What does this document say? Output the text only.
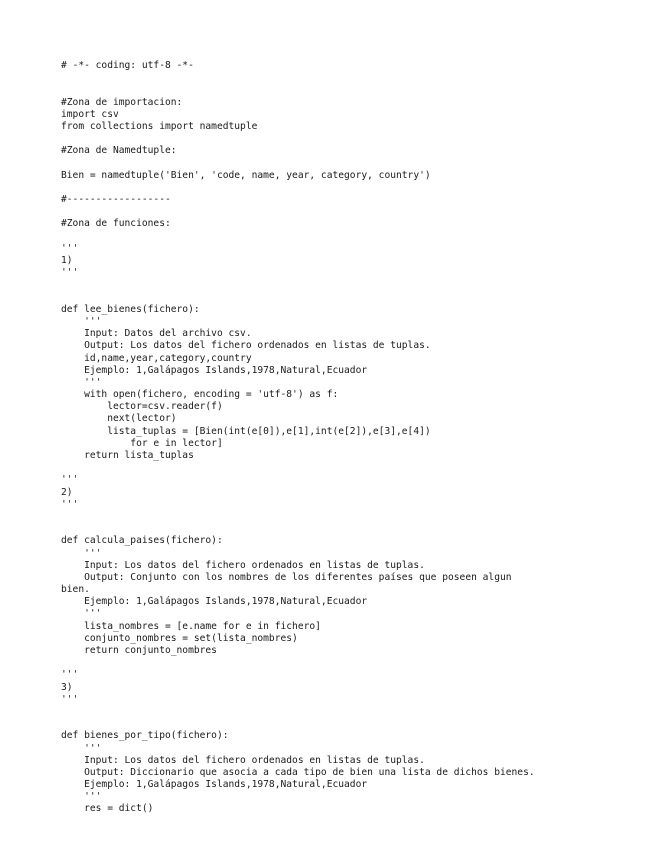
# -*- coding: utf-8 -*-

#Zona de importacion:
import csv
from collections import namedtuple

#Zona de Namedtuple:

Bien = namedtuple('Bien', 'code, name, year, category, country')

#------------------

#Zona de funciones:

'''
1)
'''

def lee_bienes(fichero):
'''
Input: Datos del archivo csv.
Output: Los datos del fichero ordenados en listas de tuplas.
id,name,year,category,country
Ejemplo: 1,Galápagos Islands,1978,Natural,Ecuador
'''
with open(fichero, encoding = 'utf-8') as f:
lector=csv.reader(f)
next(lector)
lista_tuplas = [Bien(int(e[0]),e[1],int(e[2]),e[3],e[4])
for e in lector]
return lista_tuplas

'''
2)
'''

def calcula_paises(fichero):
'''
Input: Los datos del fichero ordenados en listas de tuplas.
Output: Conjunto con los nombres de los diferentes países que poseen algun
bien.
Ejemplo: 1,Galápagos Islands,1978,Natural,Ecuador
'''
lista_nombres = [e.name for e in fichero]
conjunto_nombres = set(lista_nombres)
return conjunto_nombres

'''
3)
'''

def bienes_por_tipo(fichero):
'''
Input: Los datos del fichero ordenados en listas de tuplas.
Output: Diccionario que asocia a cada tipo de bien una lista de dichos bienes.
Ejemplo: 1,Galápagos Islands,1978,Natural,Ecuador
'''
res = dict()
